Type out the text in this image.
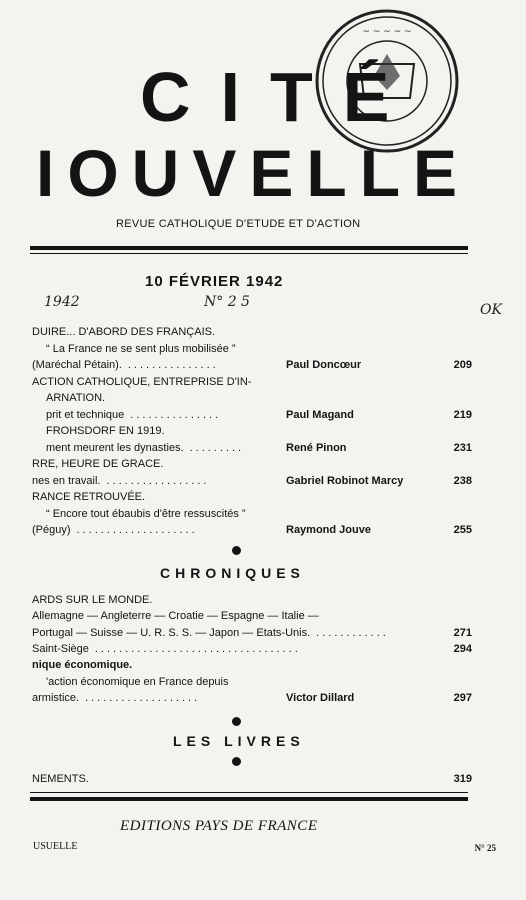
~ ~ ~ ~ ~
CITÉ
IOUVELLE
REVUE CATHOLIQUE D'ETUDE ET D'ACTION
10 FÉVRIER 1942
1942	N° 2 5	OK
DUIRE... D'ABORD DES FRANÇAIS.
“ La France ne se sent plus mobilisée ”
(Maréchal Pétain). ...............	Paul Doncœur	209
ACTION CATHOLIQUE, ENTREPRISE D'IN-
ARNATION.
prit et technique ...............	Paul Magand	219
FROHSDORF EN 1919.
ment meurent les dynasties. .........	René Pinon	231
RRE, HEURE DE GRACE.
nes en travail. .................	Gabriel Robinot Marcy	238
RANCE RETROUVÉE.
“ Encore tout ébaubis d'être ressuscités ”
(Péguy) ....................	Raymond Jouve	255
CHRONIQUES
ARDS SUR LE MONDE.
Allemagne — Angleterre — Croatie — Espagne — Italie —
Portugal — Suisse — U. R. S. S. — Japon — Etats-Unis. ............	271
Saint-Siège ..................................	294
nique économique.
'action économique en France depuis
armistice. ...................	Victor Dillard	297
LES LIVRES
NEMENTS.	319
EDITIONS PAYS DE FRANCE
USUELLE	N° 25
